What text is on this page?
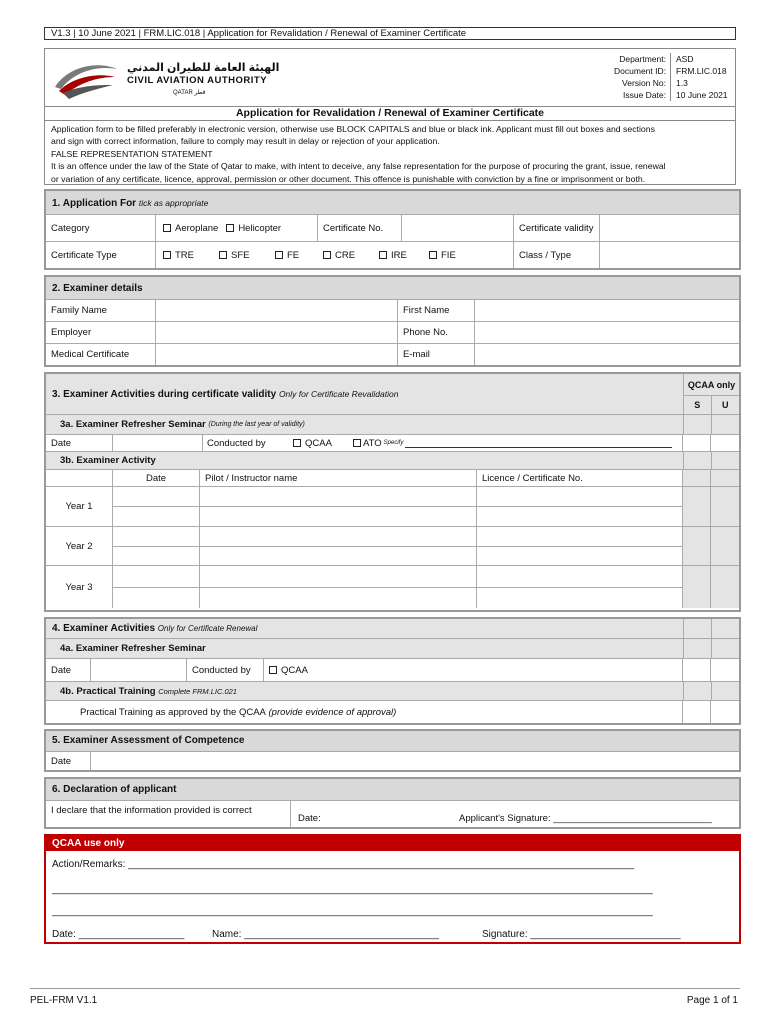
V1.3 | 10 June 2021 | FRM.LIC.018 | Application for Revalidation / Renewal of Examiner Certificate
الهيئة العامة للطيران المدني
CIVIL AVIATION AUTHORITY
QATAR قطر
Department:	ASD
Document ID:	FRM.LIC.018
Version No:	1.3
Issue Date:	10 June 2021
Application for Revalidation / Renewal of Examiner Certificate
Application form to be filled preferably in electronic version, otherwise use BLOCK CAPITALS and blue or black ink. Applicant must fill out boxes and sections
and sign with correct information, failure to comply may result in delay or rejection of your application.
FALSE REPRESENTATION STATEMENT
It is an offence under the law of the State of Qatar to make, with intent to deceive, any false representation for the purpose of procuring the grant, issue, renewal
or variation of any certificate, licence, approval, permission or other document. This offence is punishable with conviction by a fine or imprisonment or both.
1. Application For tick as appropriate
Category	Aeroplane Helicopter	Certificate No.	Certificate validity
Certificate Type	TRE	SFE	FE	CRE	IRE	FIE	Class / Type
2. Examiner details
Family Name	First Name
Employer	Phone No.
Medical Certificate	E-mail
3. Examiner Activities during certificate validity
Only for Certificate Revalidation
QCAA only
S	U
3a. Examiner Refresher Seminar
(During the last year of validity)
Date	Conducted by	QCAA	ATO Specify
3b. Examiner Activity
Date	Pilot / Instructor name	Licence / Certificate No.
Year 1
Year 2
Year 3
4. Examiner Activities
Only for Certificate Renewal
4a. Examiner Refresher Seminar
Date	Conducted by	QCAA
4b. Practical Training
Complete FRM.LIC.021
Practical Training as approved by the QCAA
(provide evidence of approval)
5. Examiner Assessment of Competence
Date
6. Declaration of applicant
I declare that the information provided is correct
Date:	Applicant's Signature: ______________________________
QCAA use only
Action/Remarks: ___________________________________________________________________________________________
____________________________________________________________________________________________________________
____________________________________________________________________________________________________________
Date: ___________________	Name: ___________________________________	Signature: ___________________________
PEL-FRM V1.1	Page 1 of 1
